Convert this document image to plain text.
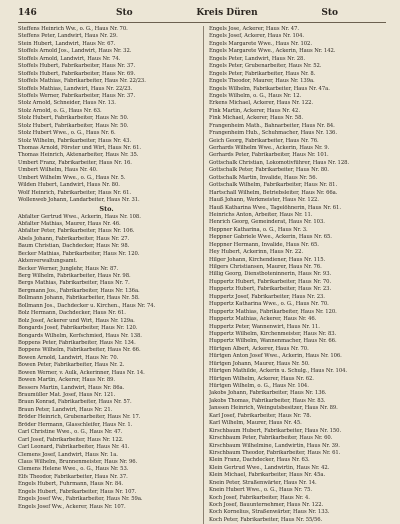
146	Sto	Kreis Düren	Sto
Steffens Heinrich Ww., o. G., Haus Nr. 70.
Steffens Peter, Landwirt, Haus Nr. 29.
Stein Hubert, Landwirt, Haus Nr. 67.
Stoffels Arnold Jos., Landwirt, Haus Nr. 32.
Stoffels Arnold, Landwirt, Haus Nr. 74.
Stoffels Hubert, Fabrikarbeiter, Haus Nr. 37.
Stoffels Hubert, Fabrikarbeiter, Haus Nr. 69.
Stoffels Mathias, Fabrikarbeiter, Haus Nr. 22/23.
Stoffels Mathias, Landwirt, Haus Nr. 22/23.
Stoffels Werner, Fabrikarbeiter, Haus Nr. 37.
Stolz Arnold, Schneider, Haus Nr. 13.
Stolz Arnold, o. G., Haus Nr. 63.
Stolz Hubert, Fabrikarbeiter, Haus Nr. 50.
Stolz Hubert, Fabrikarbeiter, Haus Nr. 50.
Stolz Hubert Wwe., o. G., Haus Nr. 6.
Stolz Wilhelm, Fabrikarbeiter, Haus Nr. 43.
Thomas Arnold, Förster und Wirt, Haus Nr. 61.
Thomas Heinrich, Aktenarbeiter, Haus Nr. 35.
Umbert Franz, Fabrikarbeiter, Haus Nr. 16.
Umbert Wilhelm, Haus Nr. 40.
Umbert Wilhelm Wwe., o. G., Haus Nr. 5.
Wilden Hubert, Landwirt, Haus Nr. 80.
Wolf Heinrich, Fabrikarbeiter, Haus Nr. 61.
Wollenweb Johann, Landarbeiter, Haus Nr. 31.
Sto.
Abfalter Gertrud Wwe., Ackerin, Haus Nr. 108.
Abfalter Mathias, Maurer, Haus Nr. 46.
Abfalter Peter, Fabrikarbeiter, Haus Nr. 106.
Abels Johann, Fabrikarbeiter, Haus Nr. 27.
Baum Christian, Dachdecker, Haus Nr. 98.
Becker Mathias, Fabrikarbeiter, Haus Nr. 120.
Aktenverwaltungsamt.
Becker Werner, Junglehr, Haus Nr. 87.
Berg Wilhelm, Fabrikarbeiter, Haus Nr. 98.
Bergs Mathias, Fabrikarbeiter, Haus Nr. 7.
Bergmann Jos., Fabrikarbeiter, Haus Nr. 136a.
Bollmann Johann, Fabrikarbeiter, Haus Nr. 58.
Bollmann Jos., Dachdecker u. Kirchen., Haus Nr. 74.
Bolz Hermann, Dachdecker, Haus Nr. 61.
Bolz Josef, Ackerer und Wirt, Haus Nr. 129a.
Bongards Josef, Fabrikarbeiter, Haus Nr. 120.
Bongards Wilhelm, Kerfschmied, Haus Nr. 138.
Boppens Peter, Fabrikarbeiter, Haus Nr. 134.
Boppens Wilhelm, Fabrikarbeiter, Haus Nr. 66.
Bowen Arnold, Landwirt, Haus Nr. 70.
Bowen Peter, Fabrikarbeiter, Haus Nr. 2.
Bowen Werner, v. Aulk, Ackerinner, Haus Nr. 14.
Bowen Martin, Ackerer, Haus Nr. 89.
Bessers Martin, Landwirt, Haus Nr. 86a.
Braumüller Mat. Josef, Haus Nr. 121.
Braun Konrad, Fabrikarbeiter, Haus Nr. 57.
Braun Peter, Landwirt, Haus Nr. 21.
Bröder Heinrich, Grubenarbeiter, Haus Nr. 17.
Bröder Hermann, Glasschleifer, Haus Nr. 1.
Carl Christine Wwe., o. G., Haus Nr. 47.
Carl Josef, Fabrikarbeiter, Haus Nr. 122.
Carl Leonard, Fabrikarbeiter, Haus Nr. 41.
Clemens Josef, Landwirt, Haus Nr. 1a.
Claus Wilhelm, Brunnenmeister, Haus Nr. 96.
Clemens Helene Wwe., o. G., Haus Nr. 53.
Elfs Theodor, Fabrikarbeiter, Haus Nr. 37.
Engels Hubert, Fuhrmann, Haus Nr. 84.
Engels Hubert, Fabrikarbeiter, Haus Nr. 107.
Engels Josef Ww., Fabrikarbeiter, Haus Nr. 59a.
Engels Josef Ww., Ackerer, Haus Nr. 107.
Engels Jose, Ackerer, Haus Nr. 47.
Engels Josef, Ackerer, Haus Nr. 104.
Engels Margarete Wwe., Haus Nr. 102.
Engels Margarete Wwe., Ackerin, Haus Nr. 142.
Engels Peter, Landwirt, Haus Nr. 28.
Engels Peter, Grubenarbeiter, Haus Nr. 52.
Engels Peter, Fabrikarbeiter, Haus Nr. 8.
Engels Theodor, Maurer, Haus Nr. 139a.
Engels Wilhelm, Fabrikarbeiter, Haus Nr. 47a.
Engels Wilhelm, o. G., Haus Nr. 12.
Erkens Michael, Ackerer, Haus Nr. 122.
Fink Martin, Ackerer, Haus Nr. 42.
Fink Michael, Ackerer, Haus Nr. 58.
Frangenheim Math., Bahnarbeiter, Haus Nr. 84.
Frangenheim Hub., Schuhmacher, Haus Nr. 136.
Geich Georg, Fabrikarbeiter, Haus Nr. 76.
Gerhards Wilhelm Wwe., Ackerin, Haus Nr. 9.
Gerhards Peter, Fabrikarbeiter, Haus Nr. 101.
Gottschalk Christian, Lokomotivführer, Haus Nr. 128.
Gottschalk Peter, Fabrikarbeiter, Haus Nr. 80.
Gottschalk Martin, Invalide, Haus Nr. 56.
Gottschalk Wilhelm, Fabrikarbeiter, Haus Nr. 81.
Hartschall Wilhelm, Betriebsleiter, Haus Nr. 66a.
Hauß Johann, Werkmeister, Haus Nr. 122.
Hauß Katharina Wwe., Tagelöhnerin, Haus Nr. 61.
Heinrichs Anton, Arbeiter, Haus Nr. 11.
Henrich Georg, Gemeinderat, Haus Nr. 103.
Heppner Katharina, o. G., Haus Nr. 3.
Heppner Gabriele Wwe., Ackerin, Haus Nr. 65.
Heppner Hermann, Invalide, Haus Nr. 65.
Hey Hubert, Ackerinn, Haus Nr. 22.
Hilger Johann, Kirchendiener, Haus Nr. 115.
Hilgers Christiansen, Maurer, Haus Nr. 76.
Hillig Georg, Dienstboteninnerin, Haus Nr. 93.
Huppertz Hubert, Fabrikarbeiter, Haus Nr. 70.
Huppertz Hubert, Fabrikarbeiter, Haus Nr. 23.
Huppertz Josef, Fabrikarbeiter, Haus Nr. 23.
Huppertz Katharina Wwe., o. G., Haus Nr. 70.
Huppertz Mathias, Fabrikarbeiter, Haus Nr. 120.
Huppertz Mathias, Ackerer, Haus Nr. 46.
Huppertz Peter, Wannenwirt, Haus Nr. 11.
Huppertz Wilhelm, Kirchenmeister, Haus Nr. 83.
Huppertz Wilhelm, Wannenmacher, Haus Nr. 66.
Hürtgen Albert, Ackerer, Haus Nr. 70.
Hürtgen Anton Josef Wwe., Ackerin, Haus Nr. 106.
Hürtgen Johann, Maurer, Haus Nr. 50.
Hürtgen Mathilde, Ackerin u. Schulg., Haus Nr. 104.
Hürtgen Wilhelm, Ackerer, Haus Nr. 62.
Hürtgen Wilhelm, o. G., Haus Nr. 104.
Jakobs Johann, Fabrikarbeiter, Haus Nr. 136.
Jakobs Thomas, Fabrikarbeiter, Haus Nr. 83.
Janssen Heinrich, Weingutsbesitzer, Haus Nr. 89.
Karl Josef, Fabrikarbeiter, Haus Nr. 78.
Karl Wilhelm, Maurer, Haus Nr. 45.
Kirschbaum Hubert, Fabrikarbeiter, Haus Nr. 150.
Kirschbaum Peter, Fabrikarbeiter, Haus Nr. 60.
Kirschbaum Wilhelmine, Landwirtin, Haus Nr. 39.
Kirschbaum Theodor, Fabrikarbeiter, Haus Nr. 61.
Klein Franz, Dachdecker, Haus Nr. 63.
Klein Gertrud Wwe., Landwirtin, Haus Nr. 42.
Klein Michael, Fabrikarbeiter, Haus Nr. 45a.
Knein Peter, Straßenwärter, Haus Nr. 14.
Knein Hubert Wwe., o. G., Haus Nr. 75.
Koch Josef, Fabrikarbeiter, Haus Nr. 4.
Koch Josef, Bauunternehmer, Haus Nr. 122.
Koch Kornelius, Straßenwärter, Haus Nr. 133.
Koch Peter, Fabrikarbeiter, Haus Nr. 55/56.
